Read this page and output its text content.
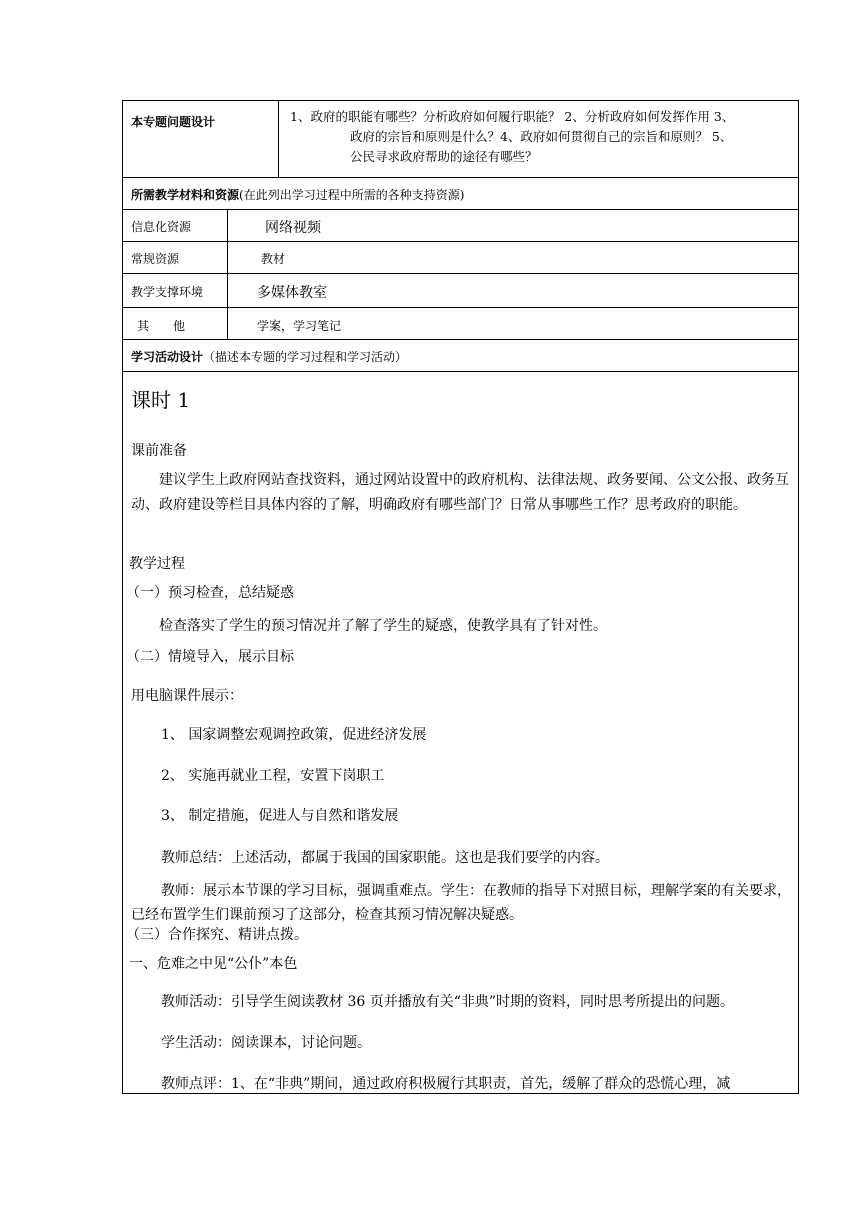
本专题问题设计	1、政府的职能有哪些？分析政府如何履行职能？ 2、分析政府如何发挥作用 3、
政府的宗旨和原则是什么？4、政府如何贯彻自己的宗旨和原则？ 5、
公民寻求政府帮助的途径有哪些？
所需教学材料和资源(在此列出学习过程中所需的各种支持资源)
信息化资源	网络视频
常规资源	教材
教学支撑环境	多媒体教室
其　　他	学案，学习笔记
学习活动设计（描述本专题的学习过程和学习活动）
课时 1
课前准备
建议学生上政府网站查找资料，通过网站设置中的政府机构、法律法规、政务要闻、公文公报、政务互动、政府建设等栏目具体内容的了解，明确政府有哪些部门？日常从事哪些工作？思考政府的职能。
教学过程
（一）预习检查，总结疑惑
检查落实了学生的预习情况并了解了学生的疑惑，使教学具有了针对性。
（二）情境导入，展示目标
用电脑课件展示：
1、 国家调整宏观调控政策，促进经济发展
2、 实施再就业工程，安置下岗职工
3、 制定措施，促进人与自然和谐发展
教师总结：上述活动，都属于我国的国家职能。这也是我们要学的内容。
教师：展示本节课的学习目标，强调重难点。学生：在教师的指导下对照目标，理解学案的有关要求，已经布置学生们课前预习了这部分，检查其预习情况解决疑惑。
（三）合作探究、精讲点拨。
一、危难之中见“公仆”本色
教师活动：引导学生阅读教材 36 页并播放有关“非典”时期的资料，同时思考所提出的问题。
学生活动：阅读课本，讨论问题。
教师点评：1、在“非典”期间，通过政府积极履行其职责，首先，缓解了群众的恐慌心理，减
